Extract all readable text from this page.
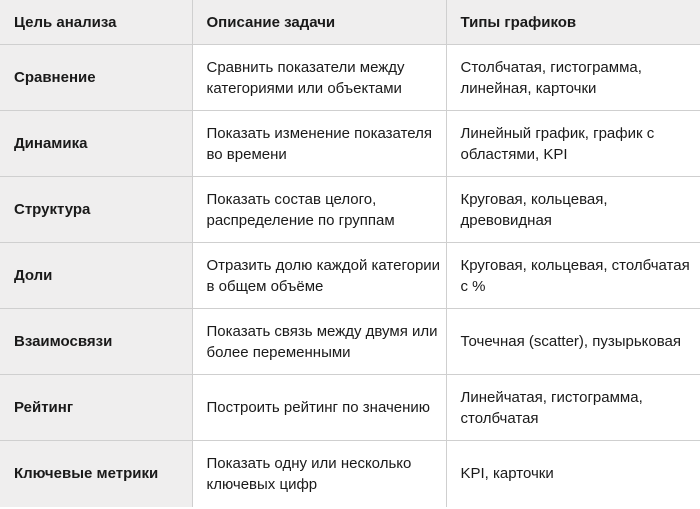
Цель анализа	Описание задачи	Типы графиков
Сравнение	Сравнить показатели между категориями или объектами	Столбчатая, гистограмма, линейная, карточки
Динамика	Показать изменение показателя во времени	Линейный график, график с областями, KPI
Структура	Показать состав целого, распределение по группам	Круговая, кольцевая, древовидная
Доли	Отразить долю каждой категории в общем объёме	Круговая, кольцевая, столбчатая с %
Взаимосвязи	Показать связь между двумя или более переменными	Точечная (scatter), пузырьковая
Рейтинг	Построить рейтинг по значению	Линейчатая, гистограмма, столбчатая
Ключевые метрики	Показать одну или несколько ключевых цифр	KPI, карточки
